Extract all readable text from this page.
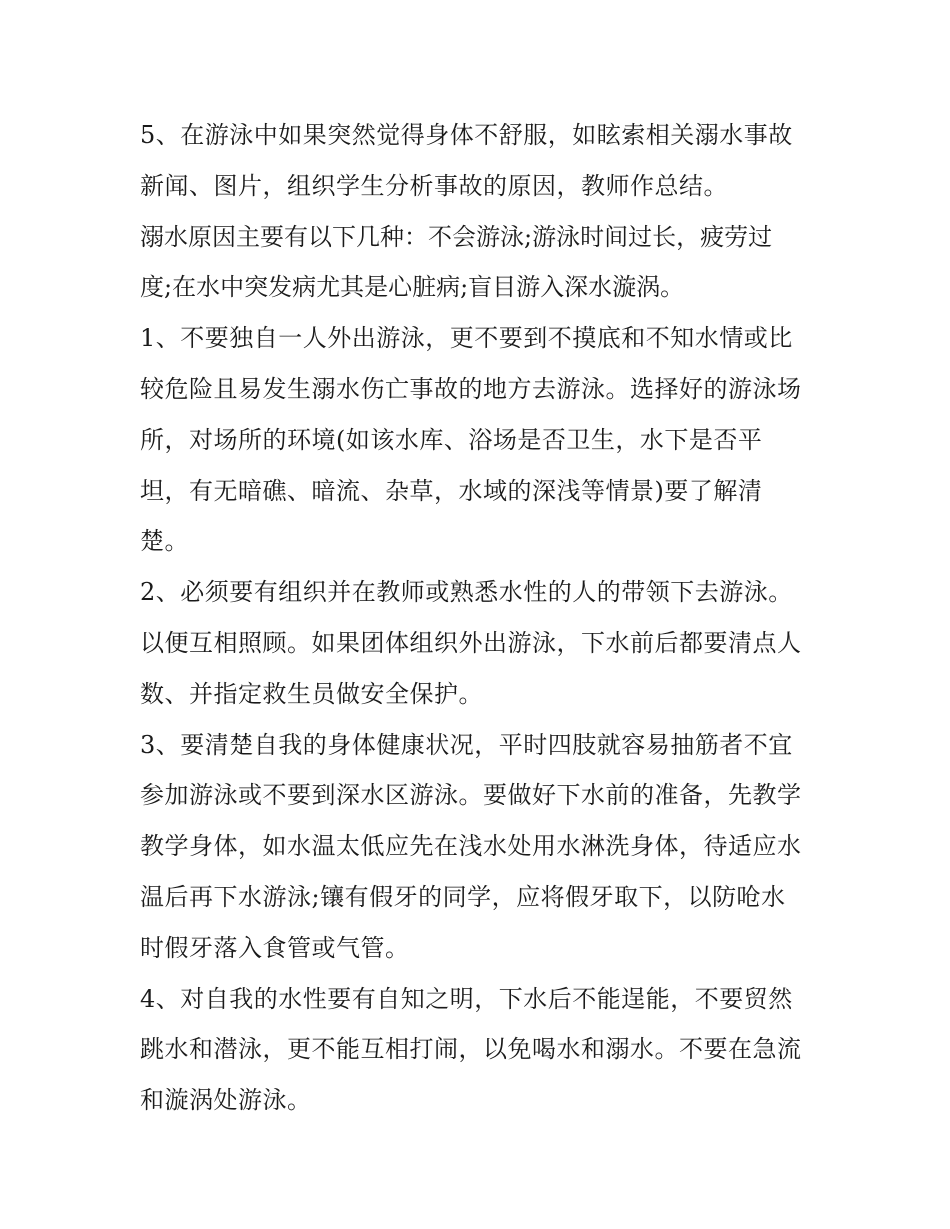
5、在游泳中如果突然觉得身体不舒服，如眩索相关溺水事故
新闻、图片，组织学生分析事故的原因，教师作总结。
溺水原因主要有以下几种：不会游泳;游泳时间过长，疲劳过
度;在水中突发病尤其是心脏病;盲目游入深水漩涡。
1、不要独自一人外出游泳，更不要到不摸底和不知水情或比
较危险且易发生溺水伤亡事故的地方去游泳。选择好的游泳场
所，对场所的环境(如该水库、浴场是否卫生，水下是否平
坦，有无暗礁、暗流、杂草，水域的深浅等情景)要了解清
楚。
2、必须要有组织并在教师或熟悉水性的人的带领下去游泳。
以便互相照顾。如果团体组织外出游泳，下水前后都要清点人
数、并指定救生员做安全保护。
3、要清楚自我的身体健康状况，平时四肢就容易抽筋者不宜
参加游泳或不要到深水区游泳。要做好下水前的准备，先教学
教学身体，如水温太低应先在浅水处用水淋洗身体，待适应水
温后再下水游泳;镶有假牙的同学，应将假牙取下，以防呛水
时假牙落入食管或气管。
4、对自我的水性要有自知之明，下水后不能逞能，不要贸然
跳水和潜泳，更不能互相打闹，以免喝水和溺水。不要在急流
和漩涡处游泳。
